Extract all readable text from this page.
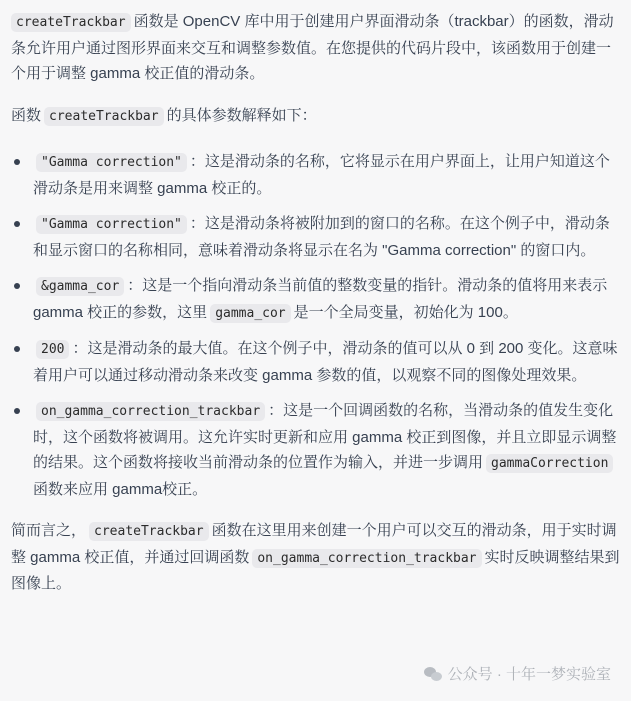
createTrackbar 函数是 OpenCV 库中用于创建用户界面滑动条（trackbar）的函数，滑动条允许用户通过图形界面来交互和调整参数值。在您提供的代码片段中，该函数用于创建一个用于调整 gamma 校正值的滑动条。

函数 createTrackbar 的具体参数解释如下：

"Gamma correction" ：这是滑动条的名称，它将显示在用户界面上，让用户知道这个滑动条是用来调整 gamma 校正的。
"Gamma correction" ：这是滑动条将被附加到的窗口的名称。在这个例子中，滑动条和显示窗口的名称相同，意味着滑动条将显示在名为 "Gamma correction" 的窗口内。
&gamma_cor ：这是一个指向滑动条当前值的整数变量的指针。滑动条的值将用来表示 gamma 校正的参数，这里 gamma_cor 是一个全局变量，初始化为 100。
200 ：这是滑动条的最大值。在这个例子中，滑动条的值可以从 0 到 200 变化。这意味着用户可以通过移动滑动条来改变 gamma 参数的值，以观察不同的图像处理效果。
on_gamma_correction_trackbar ：这是一个回调函数的名称，当滑动条的值发生变化时，这个函数将被调用。这允许实时更新和应用 gamma 校正到图像，并且立即显示调整的结果。这个函数将接收当前滑动条的位置作为输入，并进一步调用 gammaCorrection函数来应用 gamma校正。

简而言之， createTrackbar 函数在这里用来创建一个用户可以交互的滑动条，用于实时调整 gamma 校正值，并通过回调函数 on_gamma_correction_trackbar 实时反映调整结果到图像上。

公众号 · 十年一梦实验室
